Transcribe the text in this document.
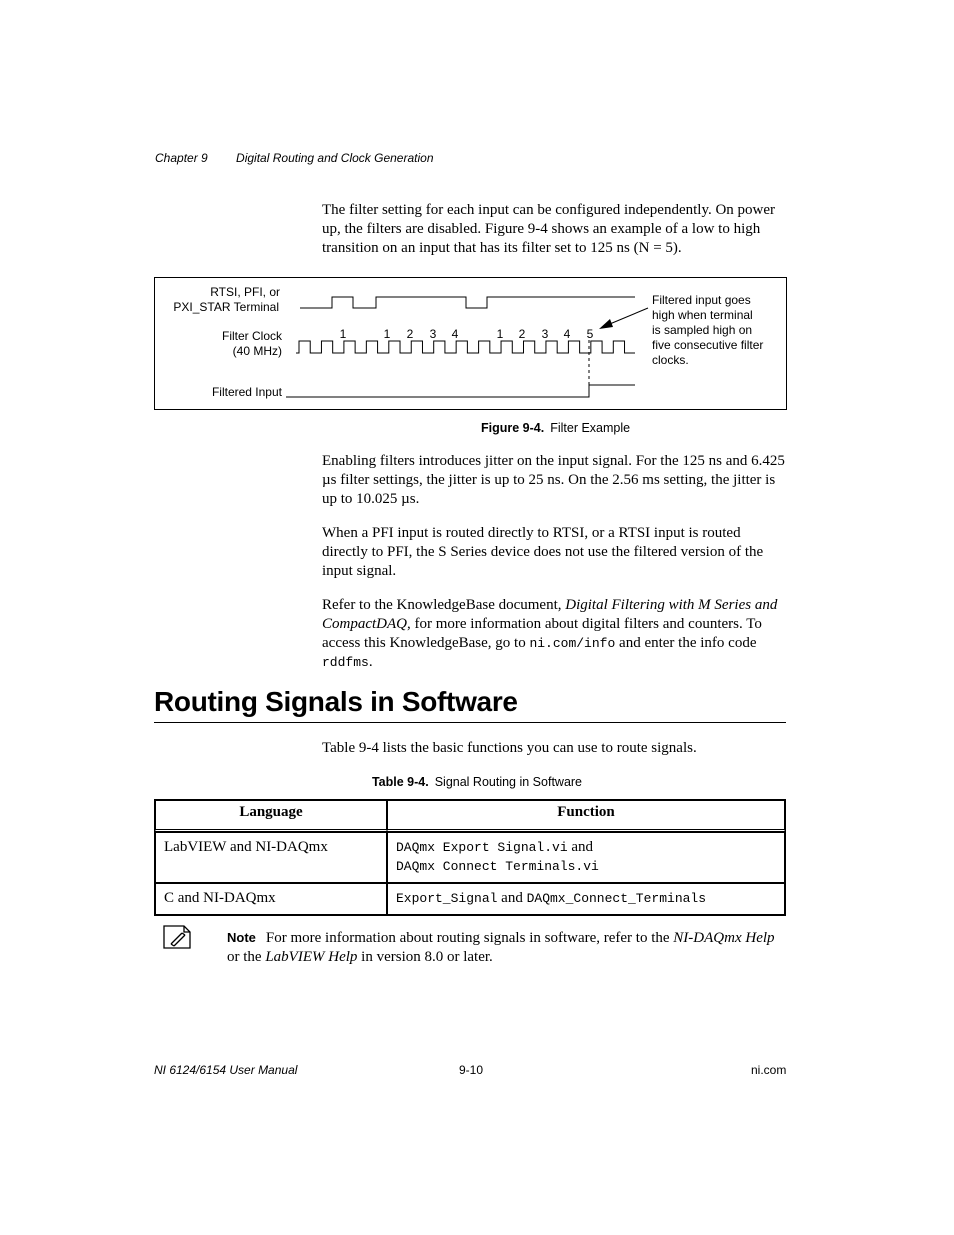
Chapter 9 Digital Routing and Clock Generation
The filter setting for each input can be configured independently. On power up, the filters are disabled. Figure 9-4 shows an example of a low to high transition on an input that has its filter set to 125 ns (N = 5).
RTSI, PFI, or
PXI_STAR Terminal
Filter Clock
(40 MHz)
Filtered Input
1	1 2 3 4	1 2 3 4 5
Filtered input goes
high when terminal
is sampled high on
five consecutive filter
clocks.
Figure 9-4. Filter Example
Enabling filters introduces jitter on the input signal. For the 125 ns and 6.425 µs filter settings, the jitter is up to 25 ns. On the 2.56 ms setting, the jitter is up to 10.025 µs.
When a PFI input is routed directly to RTSI, or a RTSI input is routed directly to PFI, the S Series device does not use the filtered version of the input signal.
Refer to the KnowledgeBase document, Digital Filtering with M Series and CompactDAQ, for more information about digital filters and counters. To access this KnowledgeBase, go to ni.com/info and enter the info code rddfms.
Routing Signals in Software
Table 9-4 lists the basic functions you can use to route signals.
Table 9-4. Signal Routing in Software
Language	Function
LabVIEW and NI-DAQmx	DAQmx Export Signal.vi and
DAQmx Connect Terminals.vi
C and NI-DAQmx	Export_Signal and DAQmx_Connect_Terminals
Note For more information about routing signals in software, refer to the NI-DAQmx Help or the LabVIEW Help in version 8.0 or later.
NI 6124/6154 User Manual	9-10	ni.com
